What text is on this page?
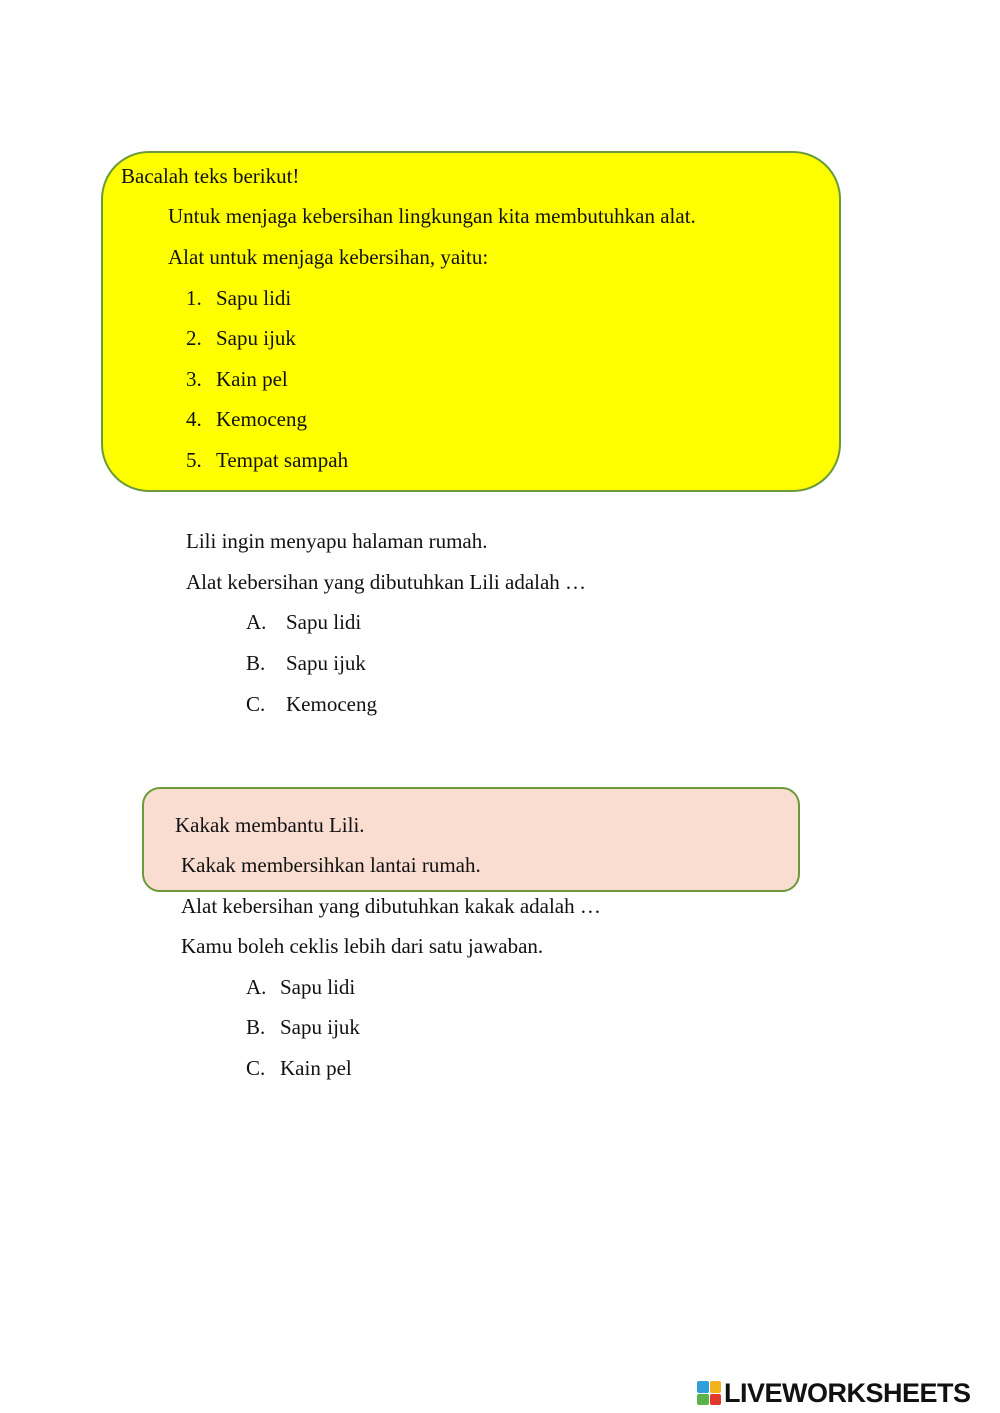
Bacalah teks berikut!
Untuk menjaga kebersihan lingkungan kita membutuhkan alat.
Alat untuk menjaga kebersihan, yaitu:
1. Sapu lidi
2. Sapu ijuk
3. Kain pel
4. Kemoceng
5. Tempat sampah
Lili ingin menyapu halaman rumah.
Alat kebersihan yang dibutuhkan Lili adalah …
A. Sapu lidi
B. Sapu ijuk
C. Kemoceng
Kakak membantu Lili.
Kakak membersihkan lantai rumah.
Alat kebersihan yang dibutuhkan kakak adalah …
Kamu boleh ceklis lebih dari satu jawaban.
A. Sapu lidi
B. Sapu ijuk
C. Kain pel
LIVEWORKSHEETS
